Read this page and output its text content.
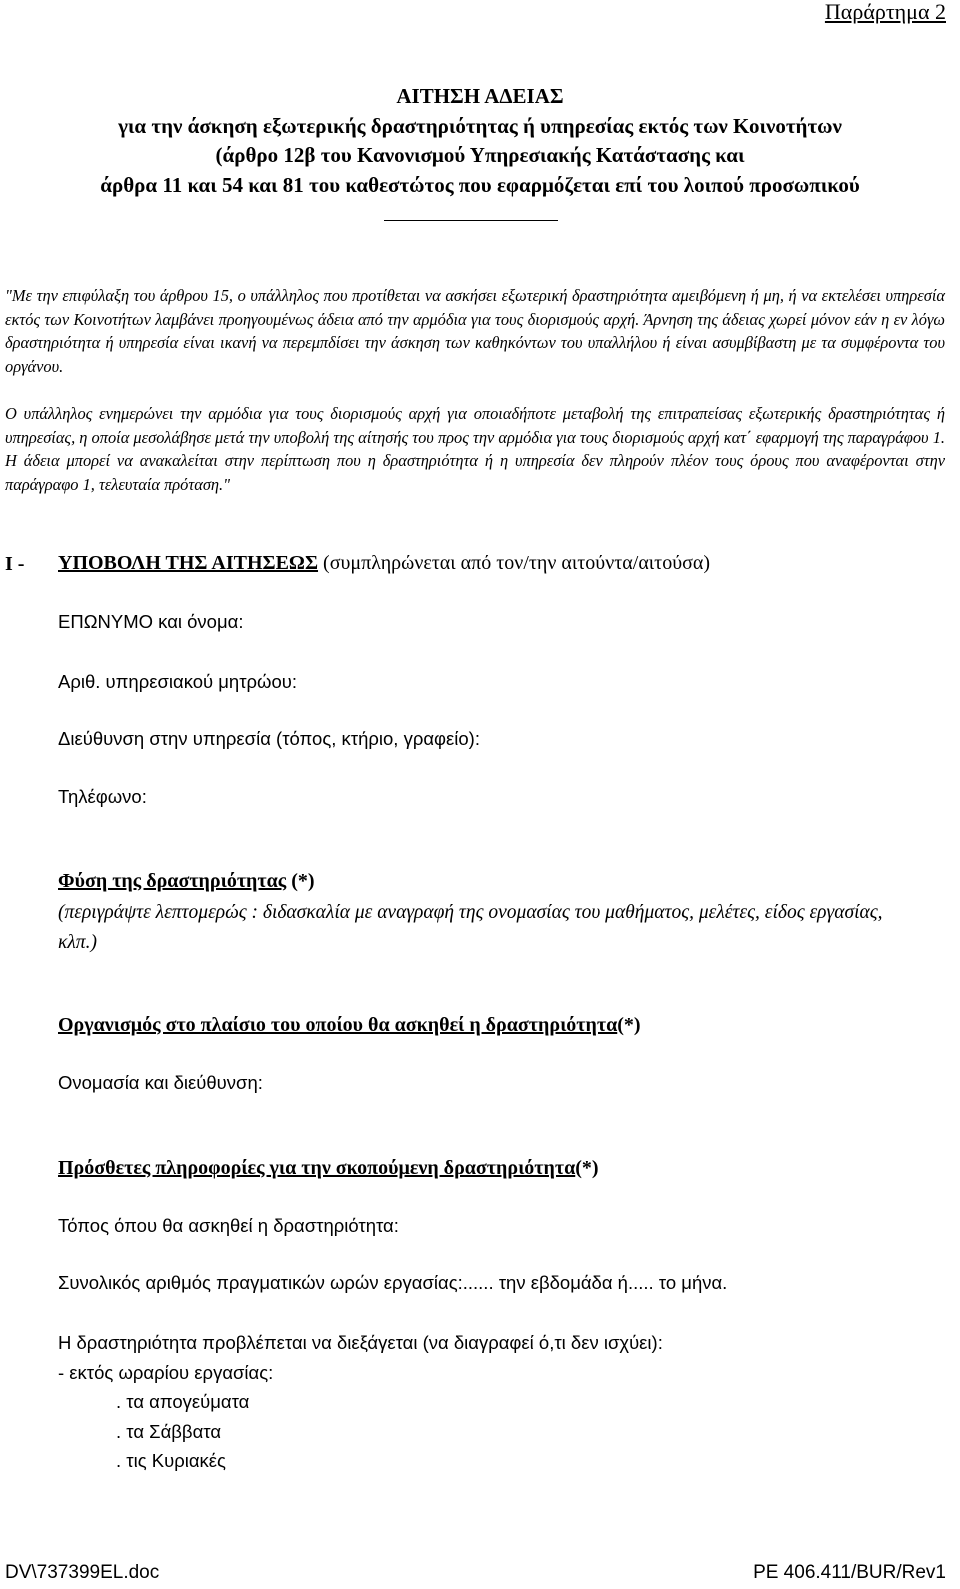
Παράρτημα 2
ΑΙΤΗΣΗ ΑΔΕΙΑΣ
για την άσκηση εξωτερικής δραστηριότητας ή υπηρεσίας εκτός των Κοινοτήτων
(άρθρο 12β του Κανονισμού Υπηρεσιακής Κατάστασης και
άρθρα 11 και 54 και 81 του καθεστώτος που εφαρμόζεται επί του λοιπού προσωπικού
"Με την επιφύλαξη του άρθρου 15, ο υπάλληλος που προτίθεται να ασκήσει εξωτερική δραστηριότητα αμειβόμενη ή μη, ή να εκτελέσει υπηρεσία εκτός των Κοινοτήτων λαμβάνει προηγουμένως άδεια από την αρμόδια για τους διορισμούς αρχή. Άρνηση της άδειας χωρεί μόνον εάν η εν λόγω δραστηριότητα ή υπηρεσία είναι ικανή να περεμπδίσει την άσκηση των καθηκόντων του υπαλλήλου ή είναι ασυμβίβαστη με τα συμφέροντα του οργάνου.
Ο υπάλληλος ενημερώνει την αρμόδια για τους διορισμούς αρχή για οποιαδήποτε μεταβολή της επιτραπείσας εξωτερικής δραστηριότητας ή υπηρεσίας, η οποία μεσολάβησε μετά την υποβολή της αίτησής του προς την αρμόδια για τους διορισμούς αρχή κατ΄ εφαρμογή της παραγράφου 1. Η άδεια μπορεί να ανακαλείται στην περίπτωση που η δραστηριότητα ή η υπηρεσία δεν πληρούν πλέον τους όρους που αναφέρονται στην παράγραφο 1, τελευταία πρόταση."
I - ΥΠΟΒΟΛΗ ΤΗΣ ΑΙΤΗΣΕΩΣ (συμπληρώνεται από τον/την αιτούντα/αιτούσα)
ΕΠΩΝΥΜΟ και όνομα:
Αριθ. υπηρεσιακού μητρώου:
Διεύθυνση στην υπηρεσία (τόπος, κτήριο, γραφείο):
Τηλέφωνο:
Φύση της δραστηριότητας (*)
(περιγράψτε λεπτομερώς : διδασκαλία με αναγραφή της ονομασίας του μαθήματος, μελέτες, είδος εργασίας, κλπ.)
Οργανισμός στο πλαίσιο του οποίου θα ασκηθεί η δραστηριότητα(*)
Ονομασία και διεύθυνση:
Πρόσθετες πληροφορίες για την σκοπούμενη δραστηριότητα(*)
Τόπος όπου θα ασκηθεί η δραστηριότητα:
Συνολικός αριθμός πραγματικών ωρών εργασίας:...... την εβδομάδα ή..... το μήνα.
Η δραστηριότητα προβλέπεται να διεξάγεται (να διαγραφεί ό,τι δεν ισχύει):
- εκτός ωραρίου εργασίας:
. τα απογεύματα
. τα Σάββατα
. τις Κυριακές
DV\737399EL.doc	PE 406.411/BUR/Rev1
